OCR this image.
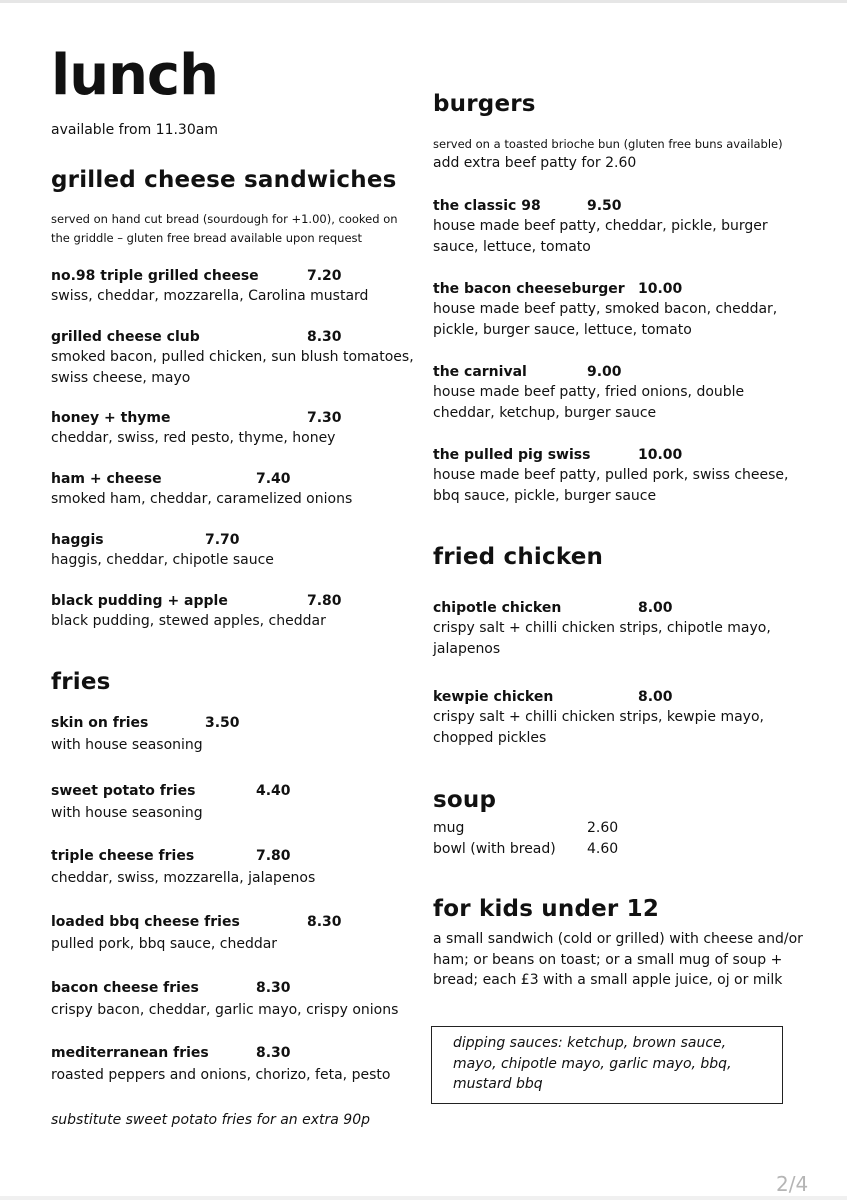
lunch
available from 11.30am
grilled cheese sandwiches
served on hand cut bread (sourdough for +1.00), cooked on the griddle – gluten free bread available upon request
no.98 triple grilled cheese	7.20
swiss, cheddar, mozzarella, Carolina mustard
grilled cheese club	8.30
smoked bacon, pulled chicken, sun blush tomatoes, swiss cheese, mayo
honey + thyme	7.30
cheddar, swiss, red pesto, thyme, honey
ham + cheese	7.40
smoked ham, cheddar, caramelized onions
haggis	7.70
haggis, cheddar, chipotle sauce
black pudding + apple	7.80
black pudding, stewed apples, cheddar
fries
skin on fries	3.50
with house seasoning
sweet potato fries	4.40
with house seasoning
triple cheese fries	7.80
cheddar, swiss, mozzarella, jalapenos
loaded bbq cheese fries	8.30
pulled pork, bbq sauce, cheddar
bacon cheese fries	8.30
crispy bacon, cheddar, garlic mayo, crispy onions
mediterranean fries	8.30
roasted peppers and onions, chorizo, feta, pesto
substitute sweet potato fries for an extra 90p
burgers
served on a toasted brioche bun (gluten free buns available)
add extra beef patty for 2.60
the classic 98	9.50
house made beef patty, cheddar, pickle, burger sauce, lettuce, tomato
the bacon cheeseburger 10.00
house made beef patty, smoked bacon, cheddar, pickle, burger sauce, lettuce, tomato
the carnival	9.00
house made beef patty, fried onions, double cheddar, ketchup, burger sauce
the pulled pig swiss	10.00
house made beef patty, pulled pork, swiss cheese, bbq sauce, pickle, burger sauce
fried chicken
chipotle chicken	8.00
crispy salt + chilli chicken strips, chipotle mayo, jalapenos
kewpie chicken	8.00
crispy salt + chilli chicken strips, kewpie mayo, chopped pickles
soup
mug	2.60
bowl (with bread) 4.60
for kids under 12
a small sandwich (cold or grilled) with cheese and/or ham; or beans on toast; or a small mug of soup + bread; each £3 with a small apple juice, oj or milk
dipping sauces: ketchup, brown sauce, mayo, chipotle mayo, garlic mayo, bbq, mustard bbq
2/4
